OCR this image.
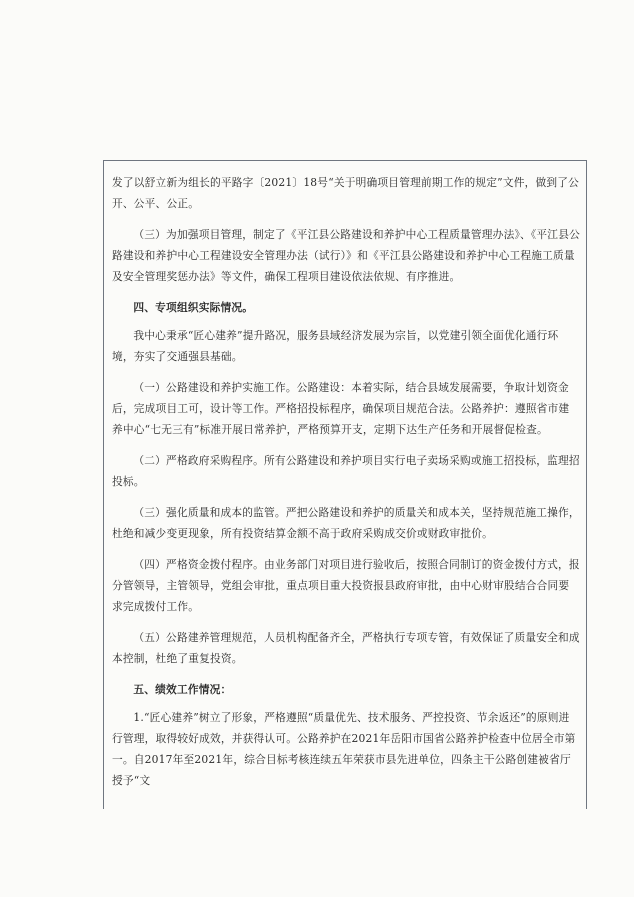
发了以舒立新为组长的平路字〔2021〕18号“关于明确项目管理前期工作的规定”文件，做到了公开、公平、公正。

（三）为加强项目管理，制定了《平江县公路建设和养护中心工程质量管理办法》、《平江县公路建设和养护中心工程建设安全管理办法（试行）》和《平江县公路建设和养护中心工程施工质量及安全管理奖惩办法》等文件，确保工程项目建设依法依规、有序推进。

四、专项组织实际情况。

我中心秉承“匠心建养”提升路况，服务县域经济发展为宗旨，以党建引领全面优化通行环境，夯实了交通强县基础。

（一）公路建设和养护实施工作。公路建设：本着实际，结合县域发展需要，争取计划资金后，完成项目工可，设计等工作。严格招投标程序，确保项目规范合法。公路养护：遵照省市建养中心“七无三有”标准开展日常养护，严格预算开支，定期下达生产任务和开展督促检查。

（二）严格政府采购程序。所有公路建设和养护项目实行电子卖场采购或施工招投标，监理招投标。

（三）强化质量和成本的监管。严把公路建设和养护的质量关和成本关，坚持规范施工操作，杜绝和减少变更现象，所有投资结算金额不高于政府采购成交价或财政审批价。

（四）严格资金拨付程序。由业务部门对项目进行验收后，按照合同制订的资金拨付方式，报分管领导，主管领导，党组会审批，重点项目重大投资报县政府审批，由中心财审股结合合同要求完成拨付工作。

（五）公路建养管理规范，人员机构配备齐全，严格执行专项专管，有效保证了质量安全和成本控制，杜绝了重复投资。

五、绩效工作情况：

1.“匠心建养”树立了形象，严格遵照“质量优先、技术服务、严控投资、节余返还”的原则进行管理，取得较好成效，并获得认可。公路养护在2021年岳阳市国省公路养护检查中位居全市第一。自2017年至2021年，综合目标考核连续五年荣获市县先进单位，四条主干公路创建被省厅授予“文
